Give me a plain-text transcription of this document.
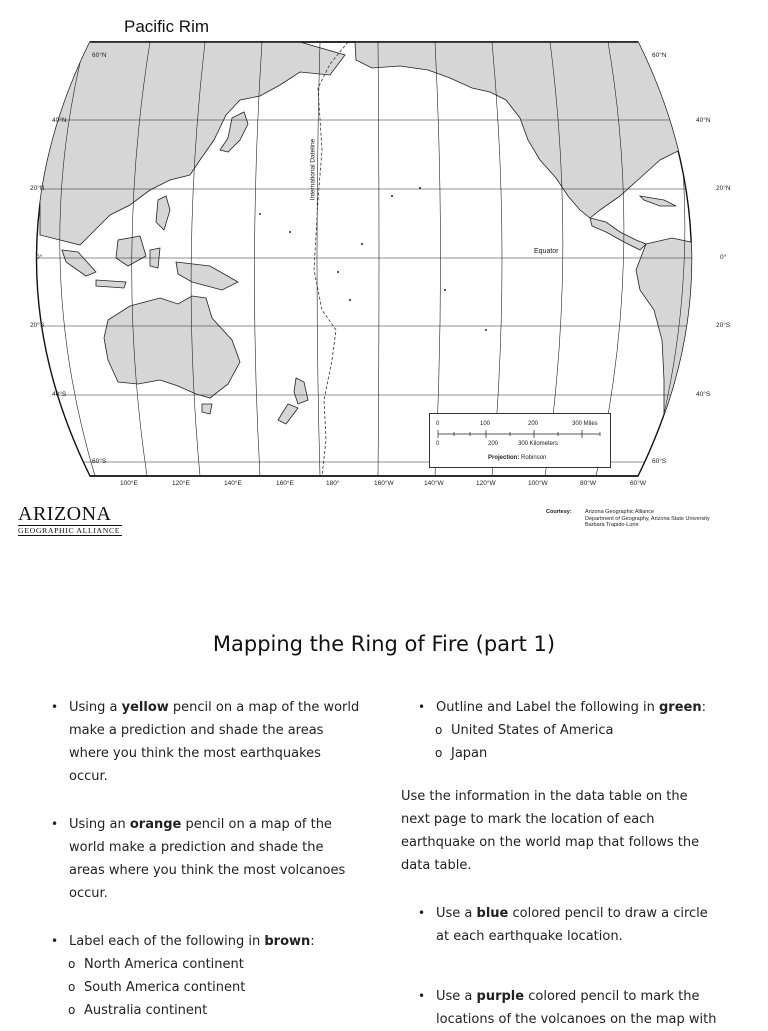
Pacific Rim
60°N
40°N
20°N
0°
20°S
40°S
60°S
60°N
40°N
20°N
0°
20°S
40°S
60°S
100°E	120°E	140°E	160°E	180°	160°W	140°W	120°W	100°W	80°W	60°W
International Dateline
Equator
0	100	200	300 Miles
0	200	300 Kilometers
Projection: Robinson
ARIZONA
GEOGRAPHIC ALLIANCE
Courtesy: Arizona Geographic Alliance
Department of Geography, Arizona State University
Barbara Trapido-Lurie
Mapping the Ring of Fire (part 1)
• Using a yellow pencil on a map of the world
make a prediction and shade the areas
where you think the most earthquakes
occur.
• Using an orange pencil on a map of the
world make a prediction and shade the
areas where you think the most volcanoes
occur.
• Label each of the following in brown:
o North America continent
o South America continent
o Australia continent
• Outline and Label the following in green:
o United States of America
o Japan
Use the information in the data table on the
next page to mark the location of each
earthquake on the world map that follows the
data table.
• Use a blue colored pencil to draw a circle
at each earthquake location.
• Use a purple colored pencil to mark the
locations of the volcanoes on the map with
